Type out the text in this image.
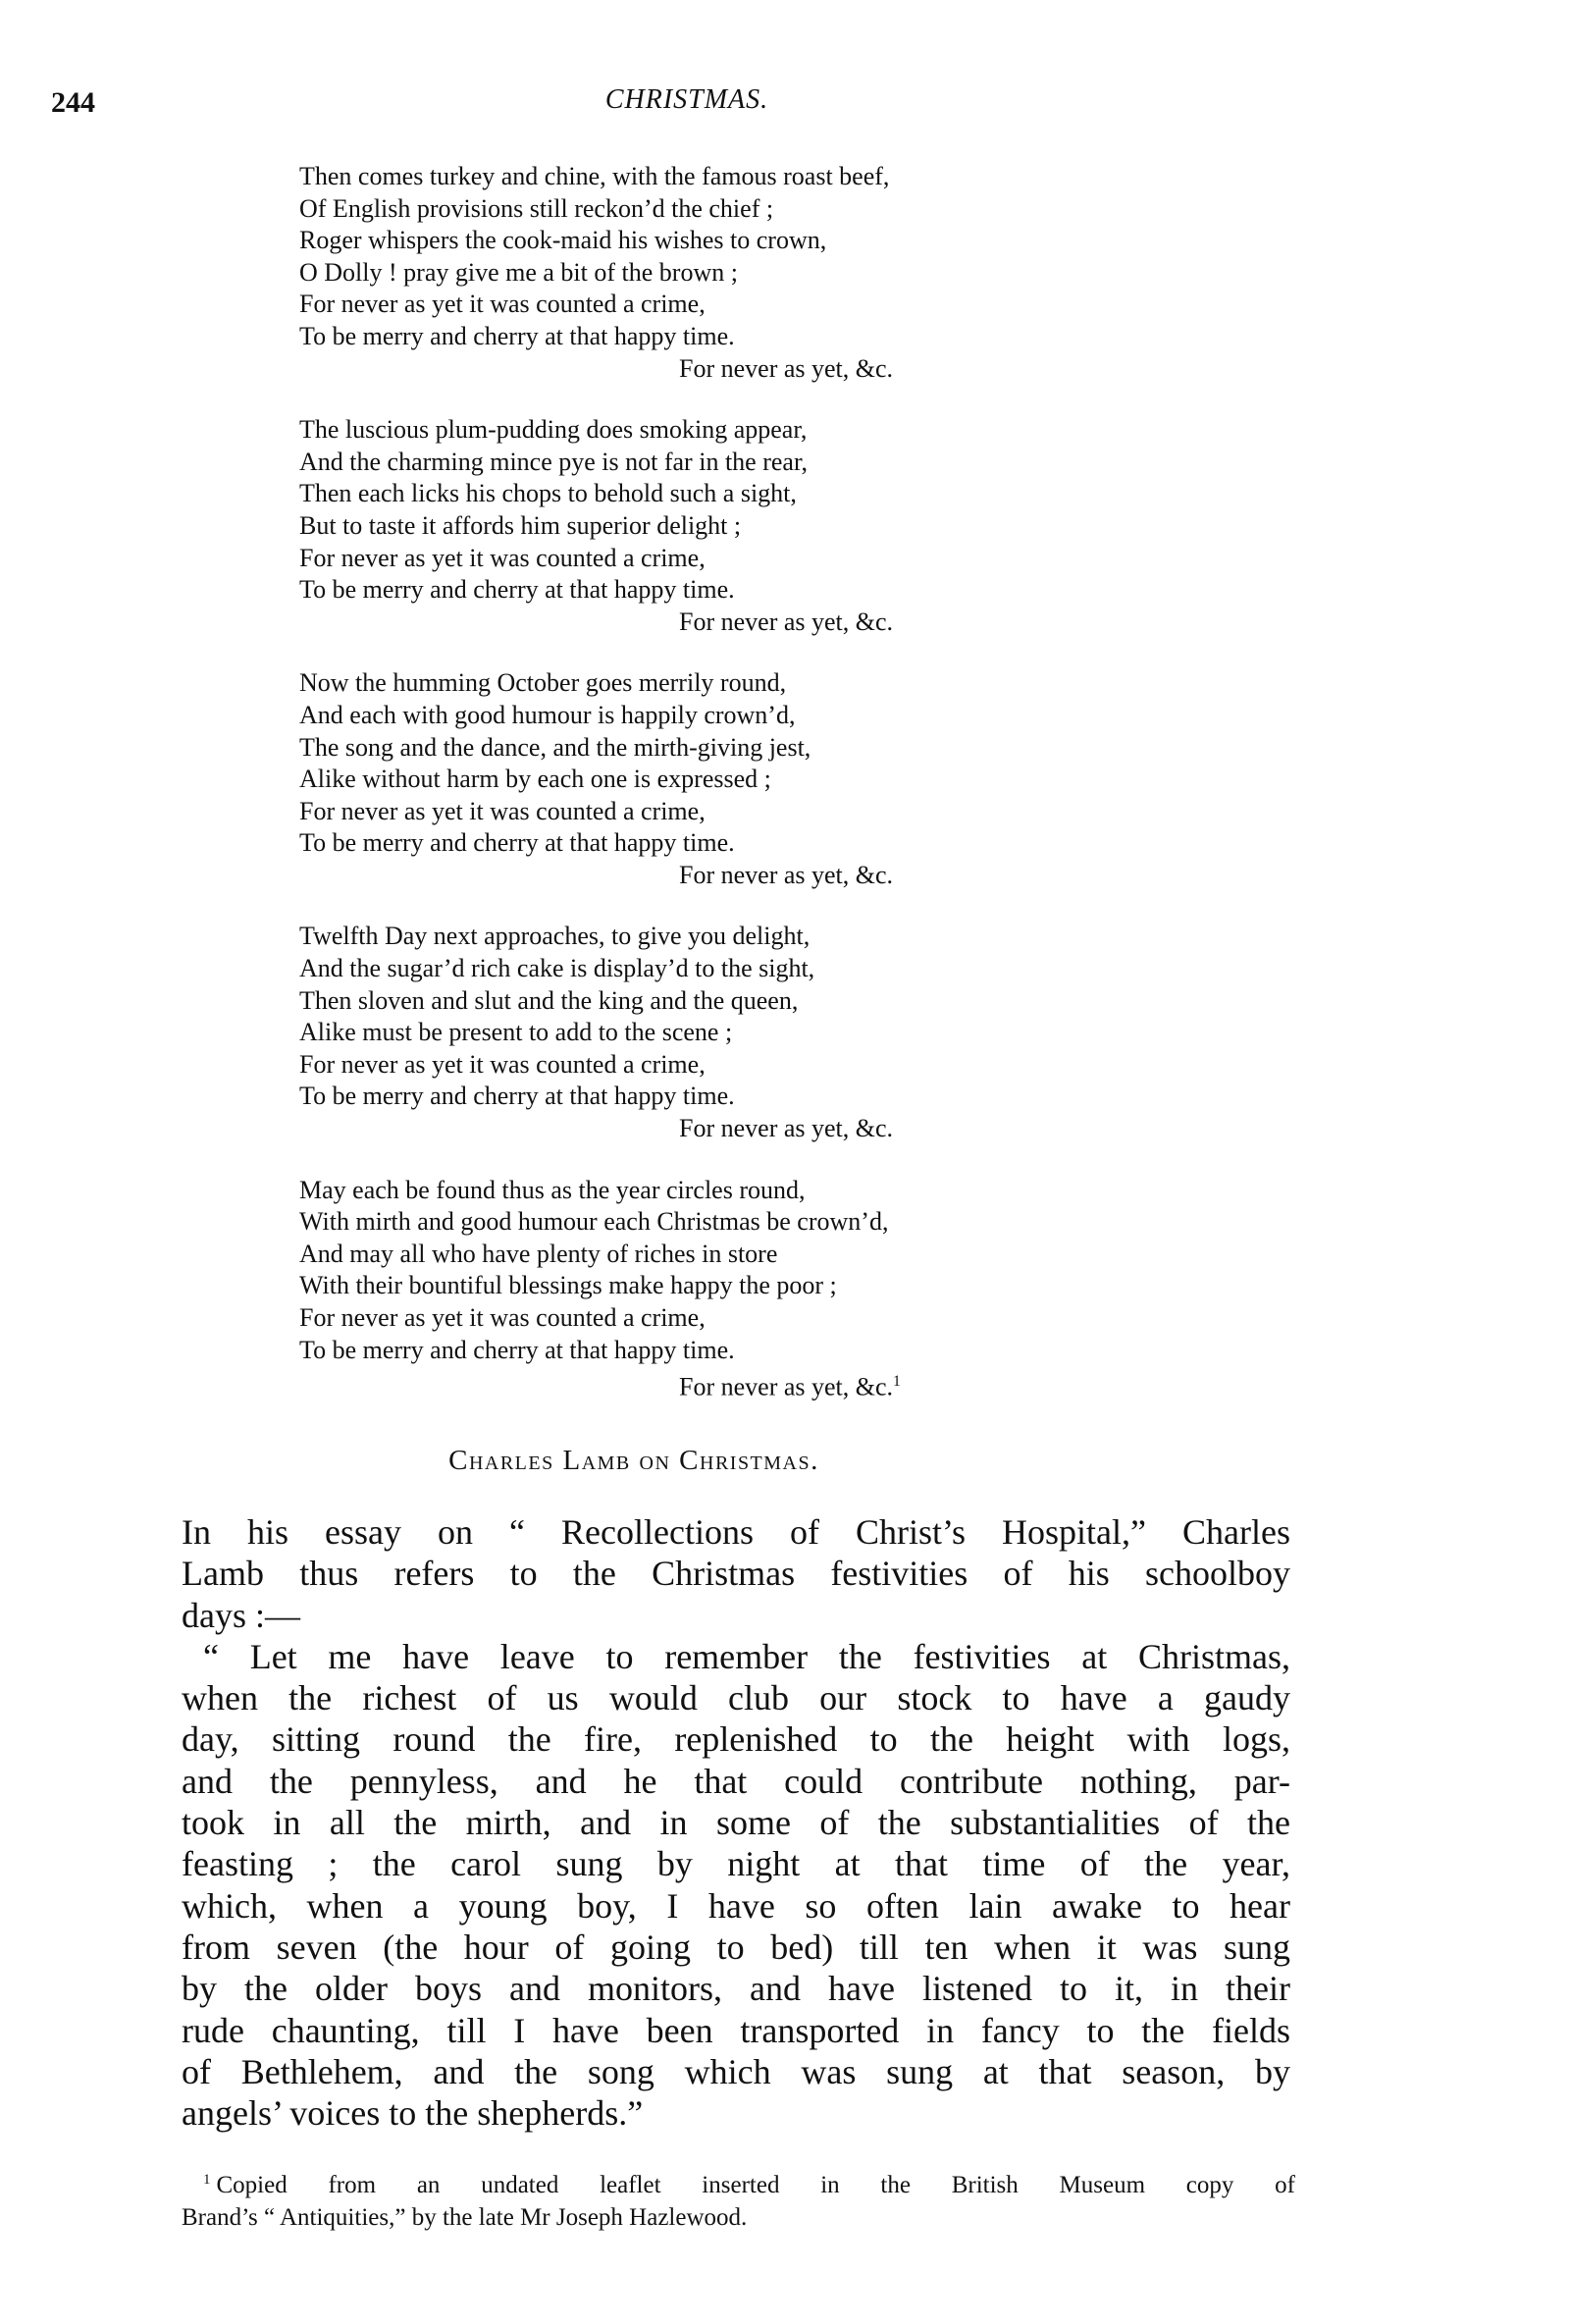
244	CHRISTMAS.
Then comes turkey and chine, with the famous roast beef,
Of English provisions still reckon’d the chief ;
Roger whispers the cook-maid his wishes to crown,
O Dolly ! pray give me a bit of the brown ;
For never as yet it was counted a crime,
To be merry and cherry at that happy time.
For never as yet, &c.
The luscious plum-pudding does smoking appear,
And the charming mince pye is not far in the rear,
Then each licks his chops to behold such a sight,
But to taste it affords him superior delight ;
For never as yet it was counted a crime,
To be merry and cherry at that happy time.
For never as yet, &c.
Now the humming October goes merrily round,
And each with good humour is happily crown’d,
The song and the dance, and the mirth-giving jest,
Alike without harm by each one is expressed ;
For never as yet it was counted a crime,
To be merry and cherry at that happy time.
For never as yet, &c.
Twelfth Day next approaches, to give you delight,
And the sugar’d rich cake is display’d to the sight,
Then sloven and slut and the king and the queen,
Alike must be present to add to the scene ;
For never as yet it was counted a crime,
To be merry and cherry at that happy time.
For never as yet, &c.
May each be found thus as the year circles round,
With mirth and good humour each Christmas be crown’d,
And may all who have plenty of riches in store
With their bountiful blessings make happy the poor ;
For never as yet it was counted a crime,
To be merry and cherry at that happy time.
For never as yet, &c.$^1$
Charles Lamb on Christmas.
In his essay on “ Recollections of Christ’s Hospital,” Charles
Lamb thus refers to the Christmas festivities of his schoolboy
days :—
“ Let me have leave to remember the festivities at Christmas,
when the richest of us would club our stock to have a gaudy
day, sitting round the fire, replenished to the height with logs,
and the pennyless, and he that could contribute nothing, par-
took in all the mirth, and in some of the substantialities of the
feasting ; the carol sung by night at that time of the year,
which, when a young boy, I have so often lain awake to hear
from seven (the hour of going to bed) till ten when it was sung
by the older boys and monitors, and have listened to it, in their
rude chaunting, till I have been transported in fancy to the fields
of Bethlehem, and the song which was sung at that season, by
angels’ voices to the shepherds.”
$^1$ Copied from an undated leaflet inserted in the British Museum copy of
Brand’s “ Antiquities,” by the late Mr Joseph Hazlewood.
